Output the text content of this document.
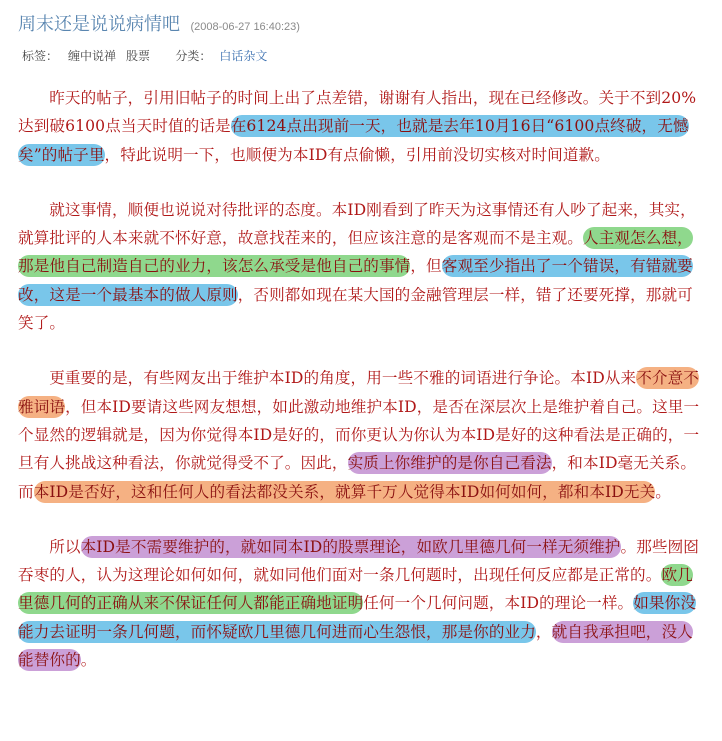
周末还是说说病情吧 (2008-06-27 16:40:23)
标签： 缠中说禅 股票 分类： 白话杂文

昨天的帖子，引用旧帖子的时间上出了点差错，谢谢有人指出，现在已经修改。关于不到20%达到破6100点当天时值的话是在6124点出现前一天，也就是去年10月16日“6100点终破，无憾矣”的帖子里，特此说明一下，也顺便为本ID有点偷懒，引用前没切实核对时间道歉。

就这事情，顺便也说说对待批评的态度。本ID刚看到了昨天为这事情还有人吵了起来，其实，就算批评的人本来就不怀好意，故意找茬来的，但应该注意的是客观而不是主观。人主观怎么想，那是他自己制造自己的业力，该怎么承受是他自己的事情，但客观至少指出了一个错误，有错就要改，这是一个最基本的做人原则，否则都如现在某大国的金融管理层一样，错了还要死撑，那就可笑了。

更重要的是，有些网友出于维护本ID的角度，用一些不雅的词语进行争论。本ID从来不介意不雅词语，但本ID要请这些网友想想，如此激动地维护本ID，是否在深层次上是维护着自己。这里一个显然的逻辑就是，因为你觉得本ID是好的，而你更认为你认为本ID是好的这种看法是正确的，一旦有人挑战这种看法，你就觉得受不了。因此，实质上你维护的是你自己看法，和本ID毫无关系。而本ID是否好，这和任何人的看法都没关系，就算千万人觉得本ID如何如何，都和本ID无关。

所以本ID是不需要维护的，就如同本ID的股票理论，如欧几里德几何一样无须维护。那些囫囵吞枣的人，认为这理论如何如何，就如同他们面对一条几何题时，出现任何反应都是正常的。欧几里德几何的正确从来不保证任何人都能正确地证明任何一个几何问题，本ID的理论一样。如果你没能力去证明一条几何题，而怀疑欧几里德几何进而心生怨恨，那是你的业力，就自我承担吧，没人能替你的。
